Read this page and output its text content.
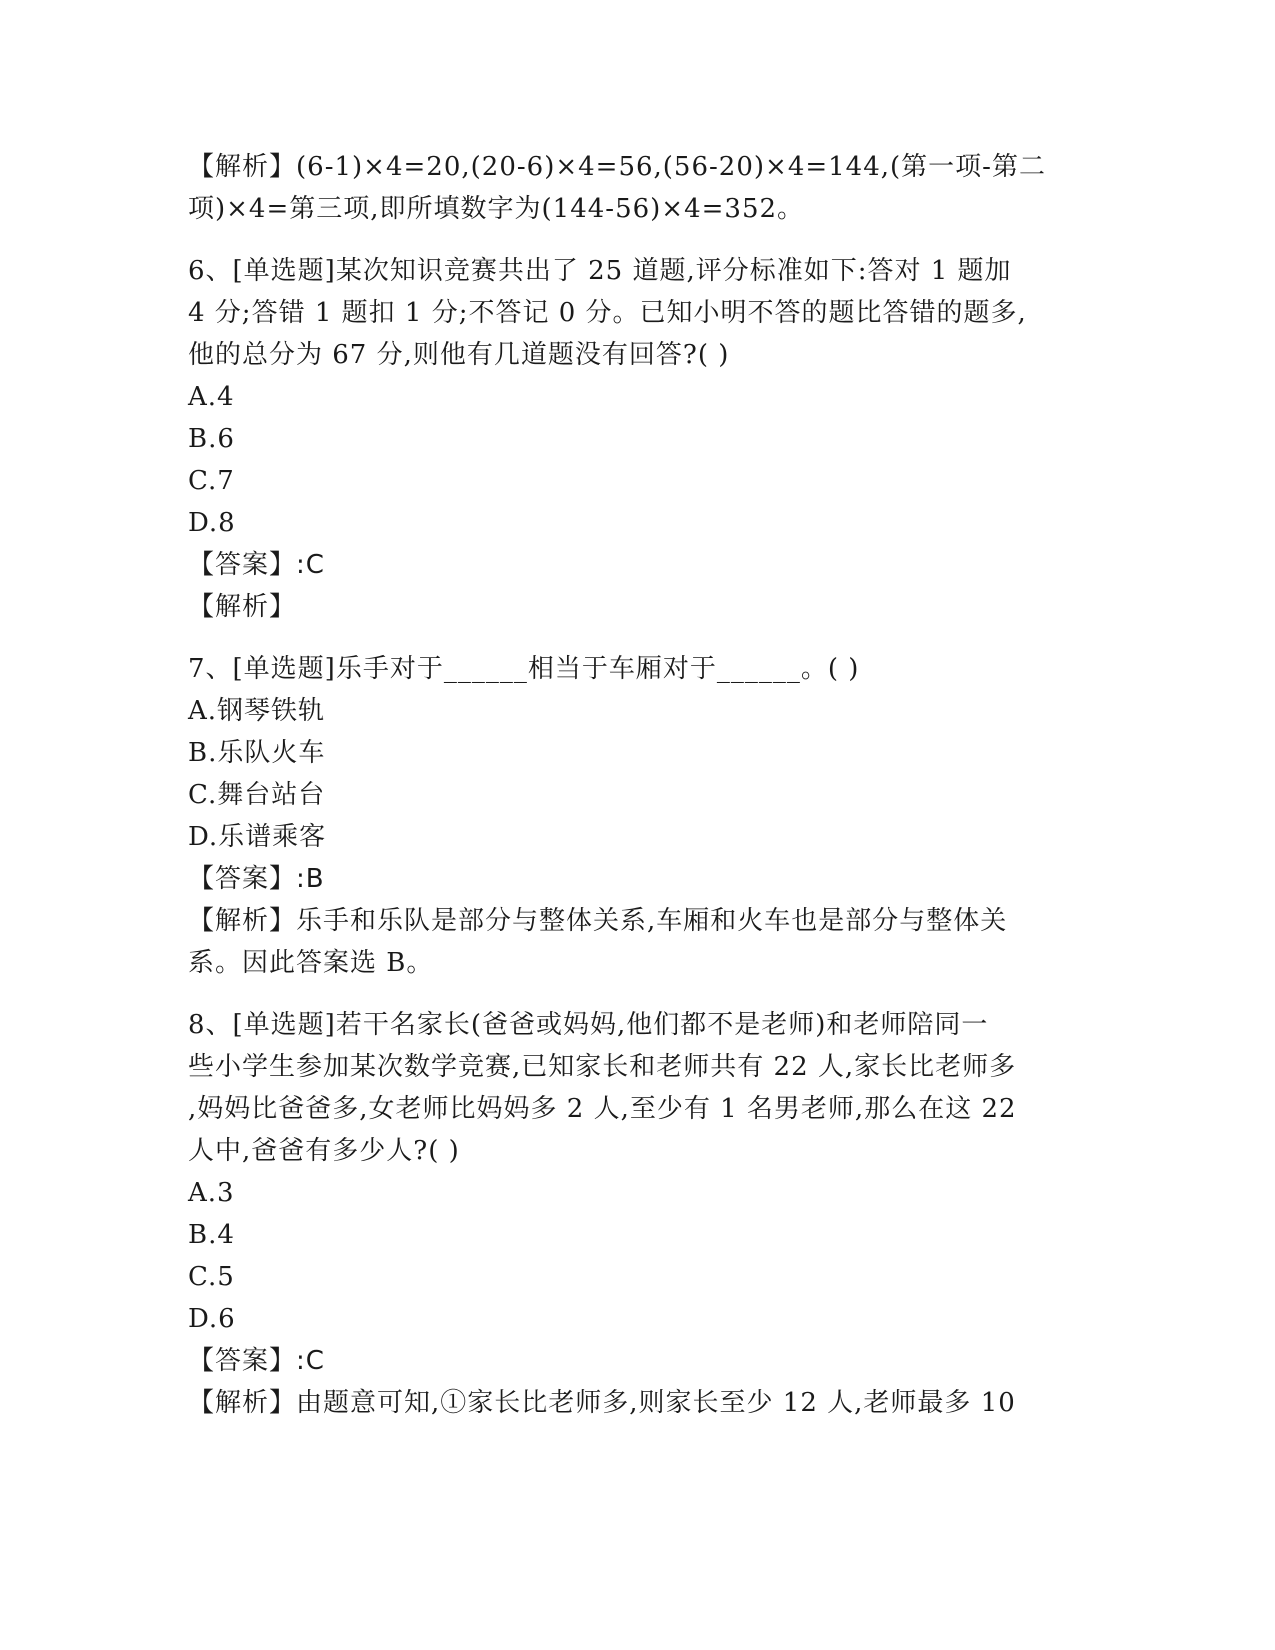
【解析】(6-1)×4=20,(20-6)×4=56,(56-20)×4=144,(第一项-第二
项)×4=第三项,即所填数字为(144-56)×4=352。
6、[单选题]某次知识竞赛共出了 25 道题,评分标准如下:答对 1 题加
4 分;答错 1 题扣 1 分;不答记 0 分。已知小明不答的题比答错的题多,
他的总分为 67 分,则他有几道题没有回答?( )
A.4
B.6
C.7
D.8
【答案】:C
【解析】
7、[单选题]乐手对于______相当于车厢对于______。( )
A.钢琴铁轨
B.乐队火车
C.舞台站台
D.乐谱乘客
【答案】:B
【解析】乐手和乐队是部分与整体关系,车厢和火车也是部分与整体关
系。因此答案选 B。
8、[单选题]若干名家长(爸爸或妈妈,他们都不是老师)和老师陪同一
些小学生参加某次数学竞赛,已知家长和老师共有 22 人,家长比老师多
,妈妈比爸爸多,女老师比妈妈多 2 人,至少有 1 名男老师,那么在这 22
人中,爸爸有多少人?( )
A.3
B.4
C.5
D.6
【答案】:C
【解析】由题意可知,①家长比老师多,则家长至少 12 人,老师最多 10
